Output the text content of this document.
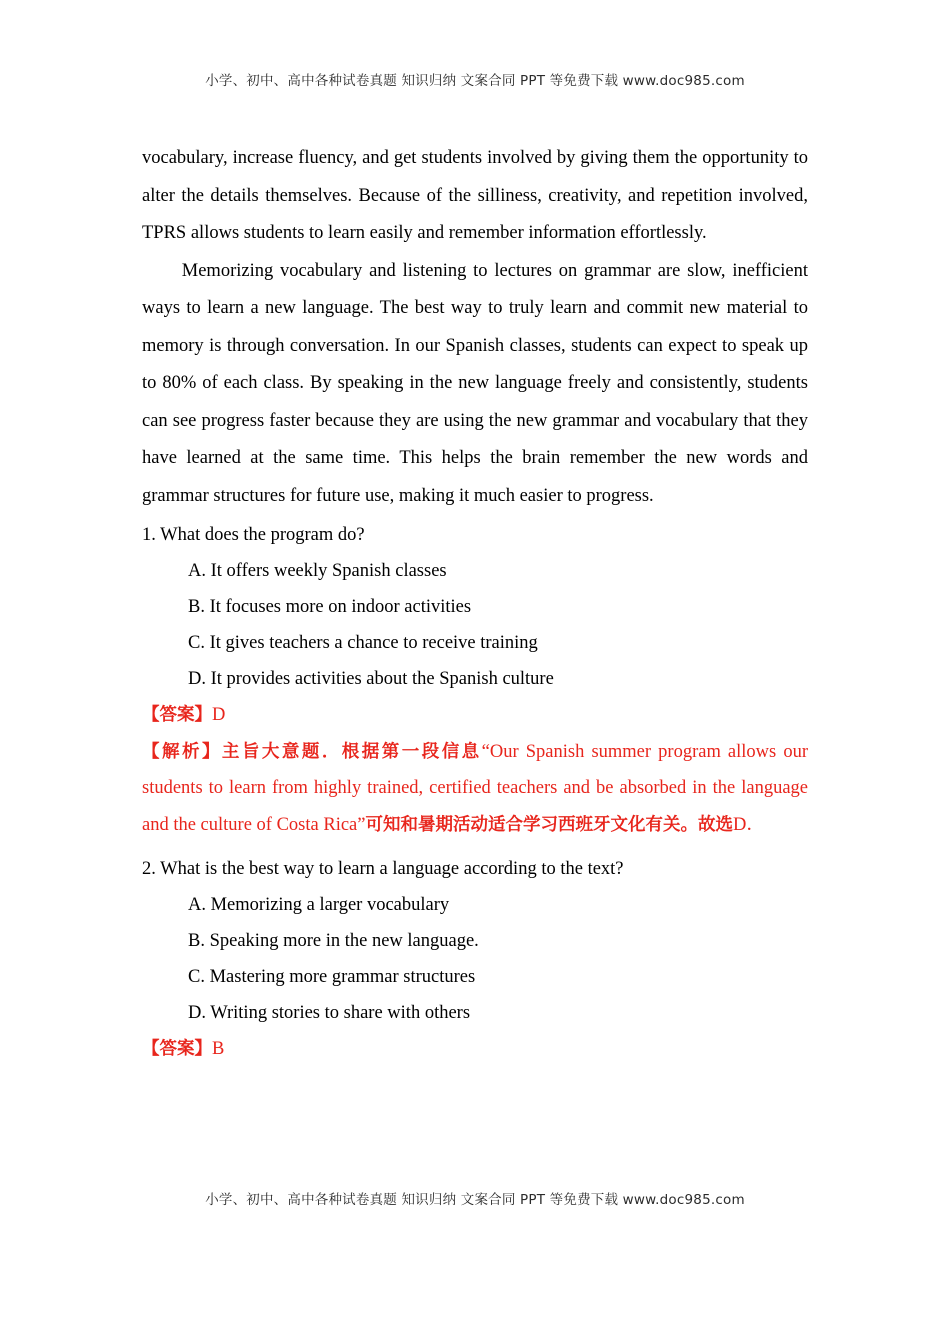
小学、初中、高中各种试卷真题 知识归纳 文案合同 PPT 等免费下载 www.doc985.com

vocabulary, increase fluency, and get students involved by giving them the opportunity to alter the details themselves. Because of the silliness, creativity, and repetition involved, TPRS allows students to learn easily and remember information effortlessly.

Memorizing vocabulary and listening to lectures on grammar are slow, inefficient ways to learn a new language. The best way to truly learn and commit new material to memory is through conversation. In our Spanish classes, students can expect to speak up to 80% of each class. By speaking in the new language freely and consistently, students can see progress faster because they are using the new grammar and vocabulary that they have learned at the same time. This helps the brain remember the new words and grammar structures for future use, making it much easier to progress.

1. What does the program do?

A. It offers weekly Spanish classes

B. It focuses more on indoor activities

C. It gives teachers a chance to receive training

D. It provides activities about the Spanish culture

【答案】D

【解析】主旨大意题．根据第一段信息“Our Spanish summer program allows our students to learn from highly trained, certified teachers and be absorbed in the language and the culture of Costa Rica”可知和暑期活动适合学习西班牙文化有关。故选D．

2. What is the best way to learn a language according to the text?

A. Memorizing a larger vocabulary

B. Speaking more in the new language.

C. Mastering more grammar structures

D. Writing stories to share with others

【答案】B

小学、初中、高中各种试卷真题 知识归纳 文案合同 PPT 等免费下载 www.doc985.com
